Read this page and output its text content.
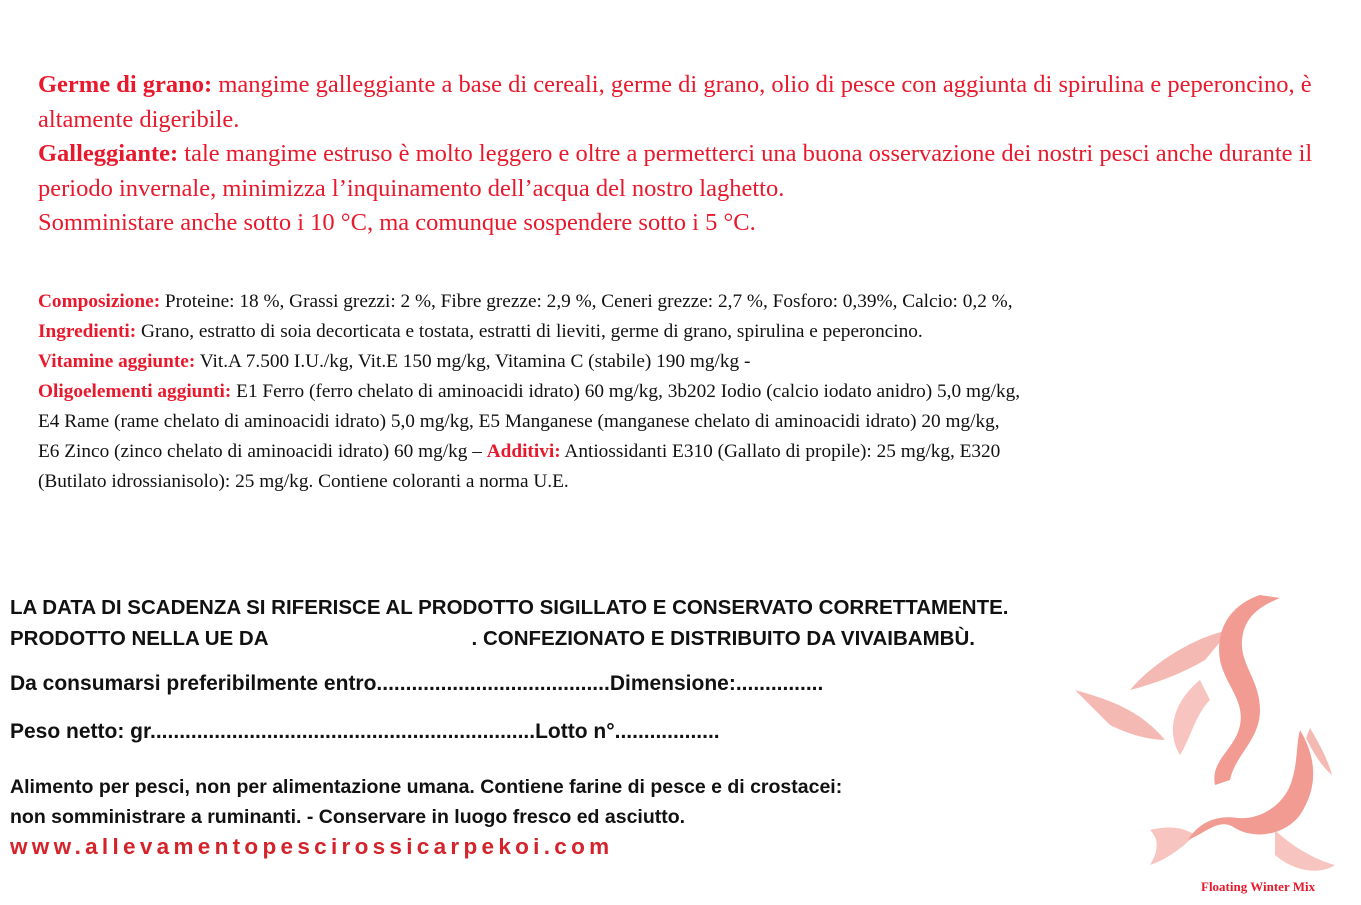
Germe di grano: mangime galleggiante a base di cereali, germe di grano, olio di pesce con aggiunta di spirulina e peperoncino, è altamente digeribile.
Galleggiante: tale mangime estruso è molto leggero e oltre a permetterci una buona osservazione dei nostri pesci anche durante il periodo invernale, minimizza l’inquinamento dell’acqua del nostro laghetto.
Somministare anche sotto i 10 °C, ma comunque sospendere sotto i 5 °C.
Composizione: Proteine: 18 %, Grassi grezzi: 2 %, Fibre grezze: 2,9 %, Ceneri grezze: 2,7 %, Fosforo: 0,39%, Calcio: 0,2 %,
Ingredienti: Grano, estratto di soia decorticata e tostata, estratti di lieviti, germe di grano, spirulina e peperoncino.
Vitamine aggiunte: Vit.A 7.500 I.U./kg, Vit.E 150 mg/kg, Vitamina C (stabile) 190 mg/kg -
Oligoelementi aggiunti: E1 Ferro (ferro chelato di aminoacidi idrato) 60 mg/kg, 3b202 Iodio (calcio iodato anidro) 5,0 mg/kg,
E4 Rame (rame chelato di aminoacidi idrato) 5,0 mg/kg, E5 Manganese (manganese chelato di aminoacidi idrato) 20 mg/kg,
E6 Zinco (zinco chelato di aminoacidi idrato) 60 mg/kg – Additivi: Antiossidanti E310 (Gallato di propile): 25 mg/kg, E320
(Butilato idrossianisolo): 25 mg/kg. Contiene coloranti a norma U.E.
LA DATA DI SCADENZA SI RIFERISCE AL PRODOTTO SIGILLATO E CONSERVATO CORRETTAMENTE.
PRODOTTO NELLA UE DA	. CONFEZIONATO E DISTRIBUITO DA VIVAIBAMBÙ.
Da consumarsi preferibilmente entro........................................Dimensione:...............
Peso netto: gr..................................................................Lotto n°..................
Alimento per pesci, non per alimentazione umana. Contiene farine di pesce e di crostacei:
non somministrare a ruminanti. - Conservare in luogo fresco ed asciutto.
www.allevamentopescirossicarpekoi.com
Floating Winter Mix
